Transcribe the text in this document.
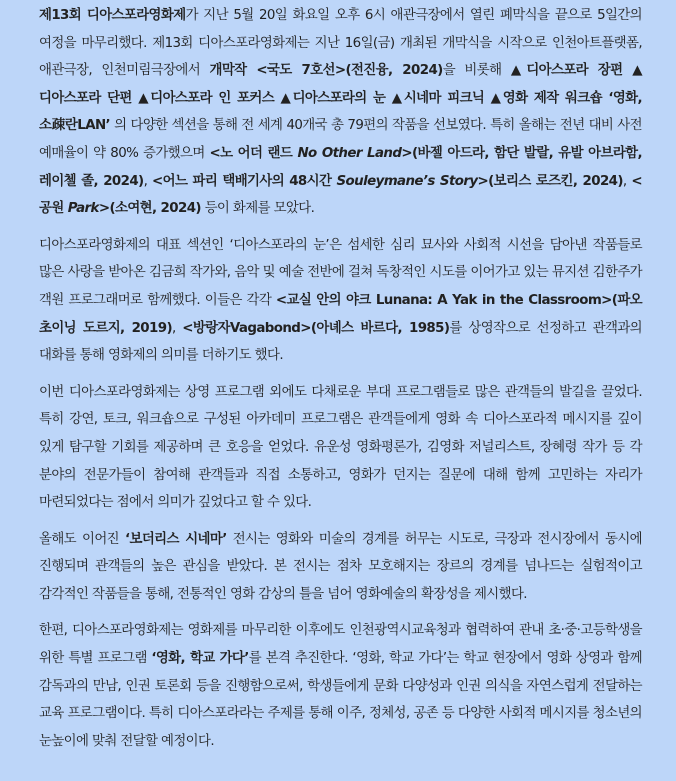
제13회 디아스포라영화제가 지난 5월 20일 화요일 오후 6시 애관극장에서 열린 폐막식을 끝으로 5일간의 여정을 마무리했다. 제13회 디아스포라영화제는 지난 16일(금) 개최된 개막식을 시작으로 인천아트플랫폼, 애관극장, 인천미림극장에서 개막작 <국도 7호선>(전진융, 2024)을 비롯해 ▲디아스포라 장편 ▲디아스포라 단편 ▲디아스포라 인 포커스 ▲디아스포라의 눈 ▲시네마 피크닉 ▲영화 제작 워크숍 ‘영화, 소疎란LAN’ 의 다양한 섹션을 통해 전 세계 40개국 총 79편의 작품을 선보였다. 특히 올해는 전년 대비 사전 예매율이 약 80% 증가했으며 <노 어더 랜드 No Other Land>(바젤 아드라, 함단 발랄, 유발 아브라함, 레이첼 졸, 2024), <어느 파리 택배기사의 48시간 Souleymane’s Story>(보리스 로즈킨, 2024), <공원 Park>(소여현, 2024) 등이 화제를 모았다.

디아스포라영화제의 대표 섹션인 ‘디아스포라의 눈’은 섬세한 심리 묘사와 사회적 시선을 담아낸 작품들로 많은 사랑을 받아온 김금희 작가와, 음악 및 예술 전반에 걸쳐 독창적인 시도를 이어가고 있는 뮤지션 김한주가 객원 프로그래머로 함께했다. 이들은 각각 <교실 안의 야크 Lunana: A Yak in the Classroom>(파오 초이닝 도르지, 2019), <방랑자Vagabond>(아녜스 바르다, 1985)를 상영작으로 선정하고 관객과의 대화를 통해 영화제의 의미를 더하기도 했다.

이번 디아스포라영화제는 상영 프로그램 외에도 다채로운 부대 프로그램들로 많은 관객들의 발길을 끌었다. 특히 강연, 토크, 워크숍으로 구성된 아카데미 프로그램은 관객들에게 영화 속 디아스포라적 메시지를 깊이 있게 탐구할 기회를 제공하며 큰 호응을 얻었다. 유운성 영화평론가, 김영화 저널리스트, 장혜령 작가 등 각 분야의 전문가들이 참여해 관객들과 직접 소통하고, 영화가 던지는 질문에 대해 함께 고민하는 자리가 마련되었다는 점에서 의미가 깊었다고 할 수 있다.

올해도 이어진 ‘보더리스 시네마’ 전시는 영화와 미술의 경계를 허무는 시도로, 극장과 전시장에서 동시에 진행되며 관객들의 높은 관심을 받았다. 본 전시는 점차 모호해지는 장르의 경계를 넘나드는 실험적이고 감각적인 작품들을 통해, 전통적인 영화 감상의 틀을 넘어 영화예술의 확장성을 제시했다.

한편, 디아스포라영화제는 영화제를 마무리한 이후에도 인천광역시교육청과 협력하여 관내 초·중·고등학생을 위한 특별 프로그램 ‘영화, 학교 가다’를 본격 추진한다. ‘영화, 학교 가다’는 학교 현장에서 영화 상영과 함께 감독과의 만남, 인권 토론회 등을 진행함으로써, 학생들에게 문화 다양성과 인권 의식을 자연스럽게 전달하는 교육 프로그램이다. 특히 디아스포라라는 주제를 통해 이주, 정체성, 공존 등 다양한 사회적 메시지를 청소년의 눈높이에 맞춰 전달할 예정이다.
